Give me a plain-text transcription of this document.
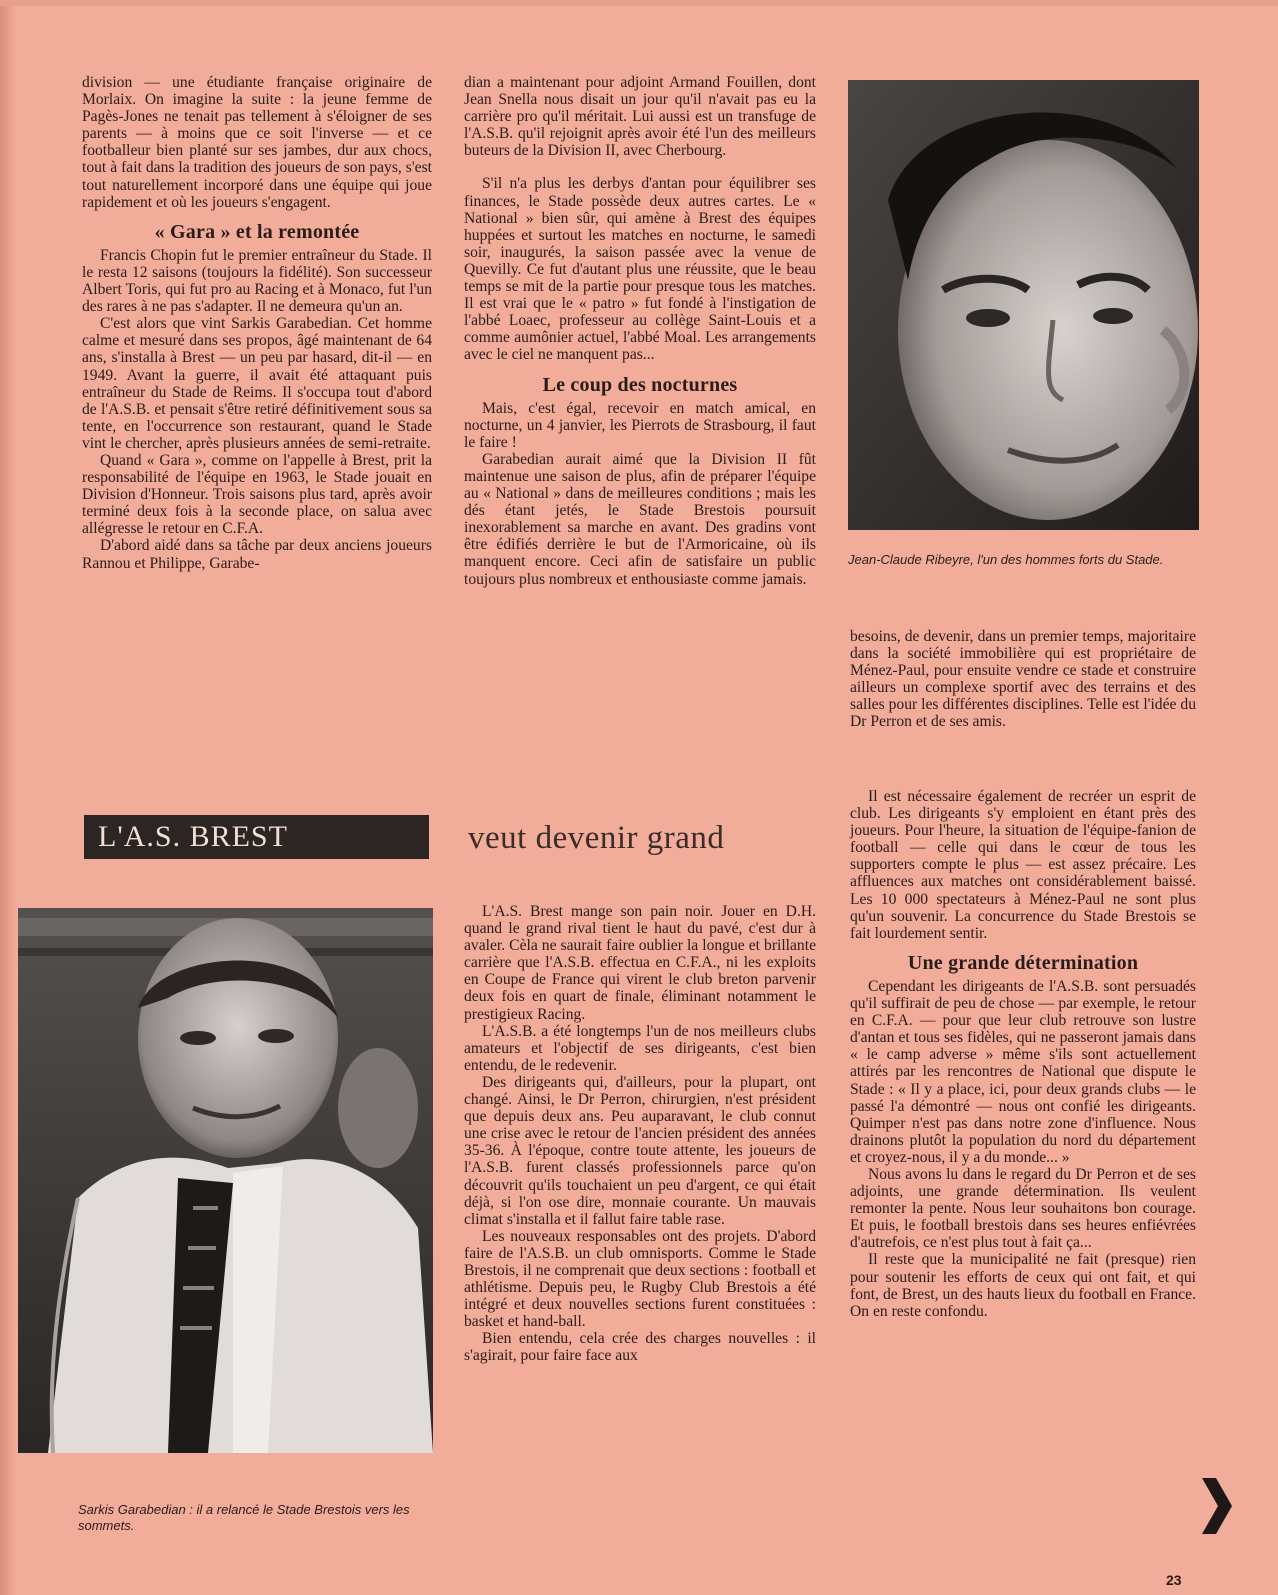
division — une étudiante française originaire de Morlaix. On imagine la suite : la jeune femme de Pagès-Jones ne tenait pas tellement à s'éloigner de ses parents — à moins que ce soit l'inverse — et ce footballeur bien planté sur ses jambes, dur aux chocs, tout à fait dans la tradition des joueurs de son pays, s'est tout naturellement incorporé dans une équipe qui joue rapidement et où les joueurs s'engagent.

« Gara » et la remontée

Francis Chopin fut le premier entraîneur du Stade. Il le resta 12 saisons (toujours la fidélité). Son successeur Albert Toris, qui fut pro au Racing et à Monaco, fut l'un des rares à ne pas s'adapter. Il ne demeura qu'un an.

C'est alors que vint Sarkis Garabedian. Cet homme calme et mesuré dans ses propos, âgé maintenant de 64 ans, s'installa à Brest — un peu par hasard, dit-il — en 1949. Avant la guerre, il avait été attaquant puis entraîneur du Stade de Reims. Il s'occupa tout d'abord de l'A.S.B. et pensait s'être retiré définitivement sous sa tente, en l'occurrence son restaurant, quand le Stade vint le chercher, après plusieurs années de semi-retraite.

Quand « Gara », comme on l'appelle à Brest, prit la responsabilité de l'équipe en 1963, le Stade jouait en Division d'Honneur. Trois saisons plus tard, après avoir terminé deux fois à la seconde place, on salua avec allégresse le retour en C.F.A.

D'abord aidé dans sa tâche par deux anciens joueurs Rannou et Philippe, Garabe-

dian a maintenant pour adjoint Armand Fouillen, dont Jean Snella nous disait un jour qu'il n'avait pas eu la carrière pro qu'il méritait. Lui aussi est un transfuge de l'A.S.B. qu'il rejoignit après avoir été l'un des meilleurs buteurs de la Division II, avec Cherbourg.

S'il n'a plus les derbys d'antan pour équilibrer ses finances, le Stade possède deux autres cartes. Le « National » bien sûr, qui amène à Brest des équipes huppées et surtout les matches en nocturne, le samedi soir, inaugurés, la saison passée avec la venue de Quevilly. Ce fut d'autant plus une réussite, que le beau temps se mit de la partie pour presque tous les matches. Il est vrai que le « patro » fut fondé à l'instigation de l'abbé Loaec, professeur au collège Saint-Louis et a comme aumônier actuel, l'abbé Moal. Les arrangements avec le ciel ne manquent pas...

Le coup des nocturnes

Mais, c'est égal, recevoir en match amical, en nocturne, un 4 janvier, les Pierrots de Strasbourg, il faut le faire !

Garabedian aurait aimé que la Division II fût maintenue une saison de plus, afin de préparer l'équipe au « National » dans de meilleures conditions ; mais les dés étant jetés, le Stade Brestois poursuit inexorablement sa marche en avant. Des gradins vont être édifiés derrière le but de l'Armoricaine, où ils manquent encore. Ceci afin de satisfaire un public toujours plus nombreux et enthousiaste comme jamais.

Jean-Claude Ribeyre, l'un des hommes forts du Stade.

besoins, de devenir, dans un premier temps, majoritaire dans la société immobilière qui est propriétaire de Ménez-Paul, pour ensuite vendre ce stade et construire ailleurs un complexe sportif avec des terrains et des salles pour les différentes disciplines. Telle est l'idée du Dr Perron et de ses amis.

L'A.S. BREST	veut devenir grand
Sarkis Garabedian : il a relancé le Stade Brestois vers les sommets.

L'A.S. Brest mange son pain noir. Jouer en D.H. quand le grand rival tient le haut du pavé, c'est dur à avaler. Cèla ne saurait faire oublier la longue et brillante carrière que l'A.S.B. effectua en C.F.A., ni les exploits en Coupe de France qui virent le club breton parvenir deux fois en quart de finale, éliminant notamment le prestigieux Racing.

L'A.S.B. a été longtemps l'un de nos meilleurs clubs amateurs et l'objectif de ses dirigeants, c'est bien entendu, de le redevenir.

Des dirigeants qui, d'ailleurs, pour la plupart, ont changé. Ainsi, le Dr Perron, chirurgien, n'est président que depuis deux ans. Peu auparavant, le club connut une crise avec le retour de l'ancien président des années 35-36. À l'époque, contre toute attente, les joueurs de l'A.S.B. furent classés professionnels parce qu'on découvrit qu'ils touchaient un peu d'argent, ce qui était déjà, si l'on ose dire, monnaie courante. Un mauvais climat s'installa et il fallut faire table rase.

Les nouveaux responsables ont des projets. D'abord faire de l'A.S.B. un club omnisports. Comme le Stade Brestois, il ne comprenait que deux sections : football et athlétisme. Depuis peu, le Rugby Club Brestois a été intégré et deux nouvelles sections furent constituées : basket et hand-ball.

Bien entendu, cela crée des charges nouvelles : il s'agirait, pour faire face aux

Il est nécessaire également de recréer un esprit de club. Les dirigeants s'y emploient en étant près des joueurs. Pour l'heure, la situation de l'équipe-fanion de football — celle qui dans le cœur de tous les supporters compte le plus — est assez précaire. Les affluences aux matches ont considérablement baissé. Les 10 000 spectateurs à Ménez-Paul ne sont plus qu'un souvenir. La concurrence du Stade Brestois se fait lourdement sentir.

Une grande détermination

Cependant les dirigeants de l'A.S.B. sont persuadés qu'il suffirait de peu de chose — par exemple, le retour en C.F.A. — pour que leur club retrouve son lustre d'antan et tous ses fidèles, qui ne passeront jamais dans « le camp adverse » même s'ils sont actuellement attirés par les rencontres de National que dispute le Stade : « Il y a place, ici, pour deux grands clubs — le passé l'a démontré — nous ont confié les dirigeants. Quimper n'est pas dans notre zone d'influence. Nous drainons plutôt la population du nord du département et croyez-nous, il y a du monde... »

Nous avons lu dans le regard du Dr Perron et de ses adjoints, une grande détermination. Ils veulent remonter la pente. Nous leur souhaitons bon courage. Et puis, le football brestois dans ses heures enfiévrées d'autrefois, ce n'est plus tout à fait ça...

Il reste que la municipalité ne fait (presque) rien pour soutenir les efforts de ceux qui ont fait, et qui font, de Brest, un des hauts lieux du football en France. On en reste confondu.

23
